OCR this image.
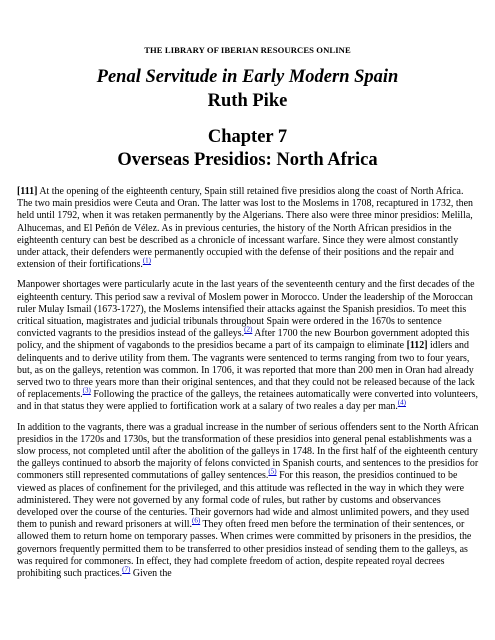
THE LIBRARY OF IBERIAN RESOURCES ONLINE
Penal Servitude in Early Modern Spain
Ruth Pike
Chapter 7
Overseas Presidios: North Africa

[111] At the opening of the eighteenth century, Spain still retained five presidios along the coast of North Africa. The two main presidios were Ceuta and Oran. The latter was lost to the Moslems in 1708, recaptured in 1732, then held until 1792, when it was retaken permanently by the Algerians. There also were three minor presidios: Melilla, Alhucemas, and El Peñón de Vélez. As in previous centuries, the history of the North African presidios in the eighteenth century can best be described as a chronicle of incessant warfare. Since they were almost constantly under attack, their defenders were permanently occupied with the defense of their positions and the repair and extension of their fortifications.$^{(1)}$

Manpower shortages were particularly acute in the last years of the seventeenth century and the first decades of the eighteenth century. This period saw a revival of Moslem power in Morocco. Under the leadership of the Moroccan ruler Mulay Ismail (1673-1727), the Moslems intensified their attacks against the Spanish presidios. To meet this critical situation, magistrates and judicial tribunals throughout Spain were ordered in the 1670s to sentence convicted vagrants to the presidios instead of the galleys.$^{(2)}$ After 1700 the new Bourbon government adopted this policy, and the shipment of vagabonds to the presidios became a part of its campaign to eliminate [112] idlers and delinquents and to derive utility from them. The vagrants were sentenced to terms ranging from two to four years, but, as on the galleys, retention was common. In 1706, it was reported that more than 200 men in Oran had already served two to three years more than their original sentences, and that they could not be released because of the lack of replacements.$^{(3)}$ Following the practice of the galleys, the retainees automatically were converted into volunteers, and in that status they were applied to fortification work at a salary of two reales a day per man.$^{(4)}$

In addition to the vagrants, there was a gradual increase in the number of serious offenders sent to the North African presidios in the 1720s and 1730s, but the transformation of these presidios into general penal establishments was a slow process, not completed until after the abolition of the galleys in 1748. In the first half of the eighteenth century the galleys continued to absorb the majority of felons convicted in Spanish courts, and sentences to the presidios for commoners still represented commutations of galley sentences.$^{(5)}$ For this reason, the presidios continued to be viewed as places of confinement for the privileged, and this attitude was reflected in the way in which they were administered. They were not governed by any formal code of rules, but rather by customs and observances developed over the course of the centuries. Their governors had wide and almost unlimited powers, and they used them to punish and reward prisoners at will.$^{(6)}$ They often freed men before the termination of their sentences, or allowed them to return home on temporary passes. When crimes were committed by prisoners in the presidios, the governors frequently permitted them to be transferred to other presidios instead of sending them to the galleys, as was required for commoners. In effect, they had complete freedom of action, despite repeated royal decrees prohibiting such practices.$^{(7)}$ Given the
